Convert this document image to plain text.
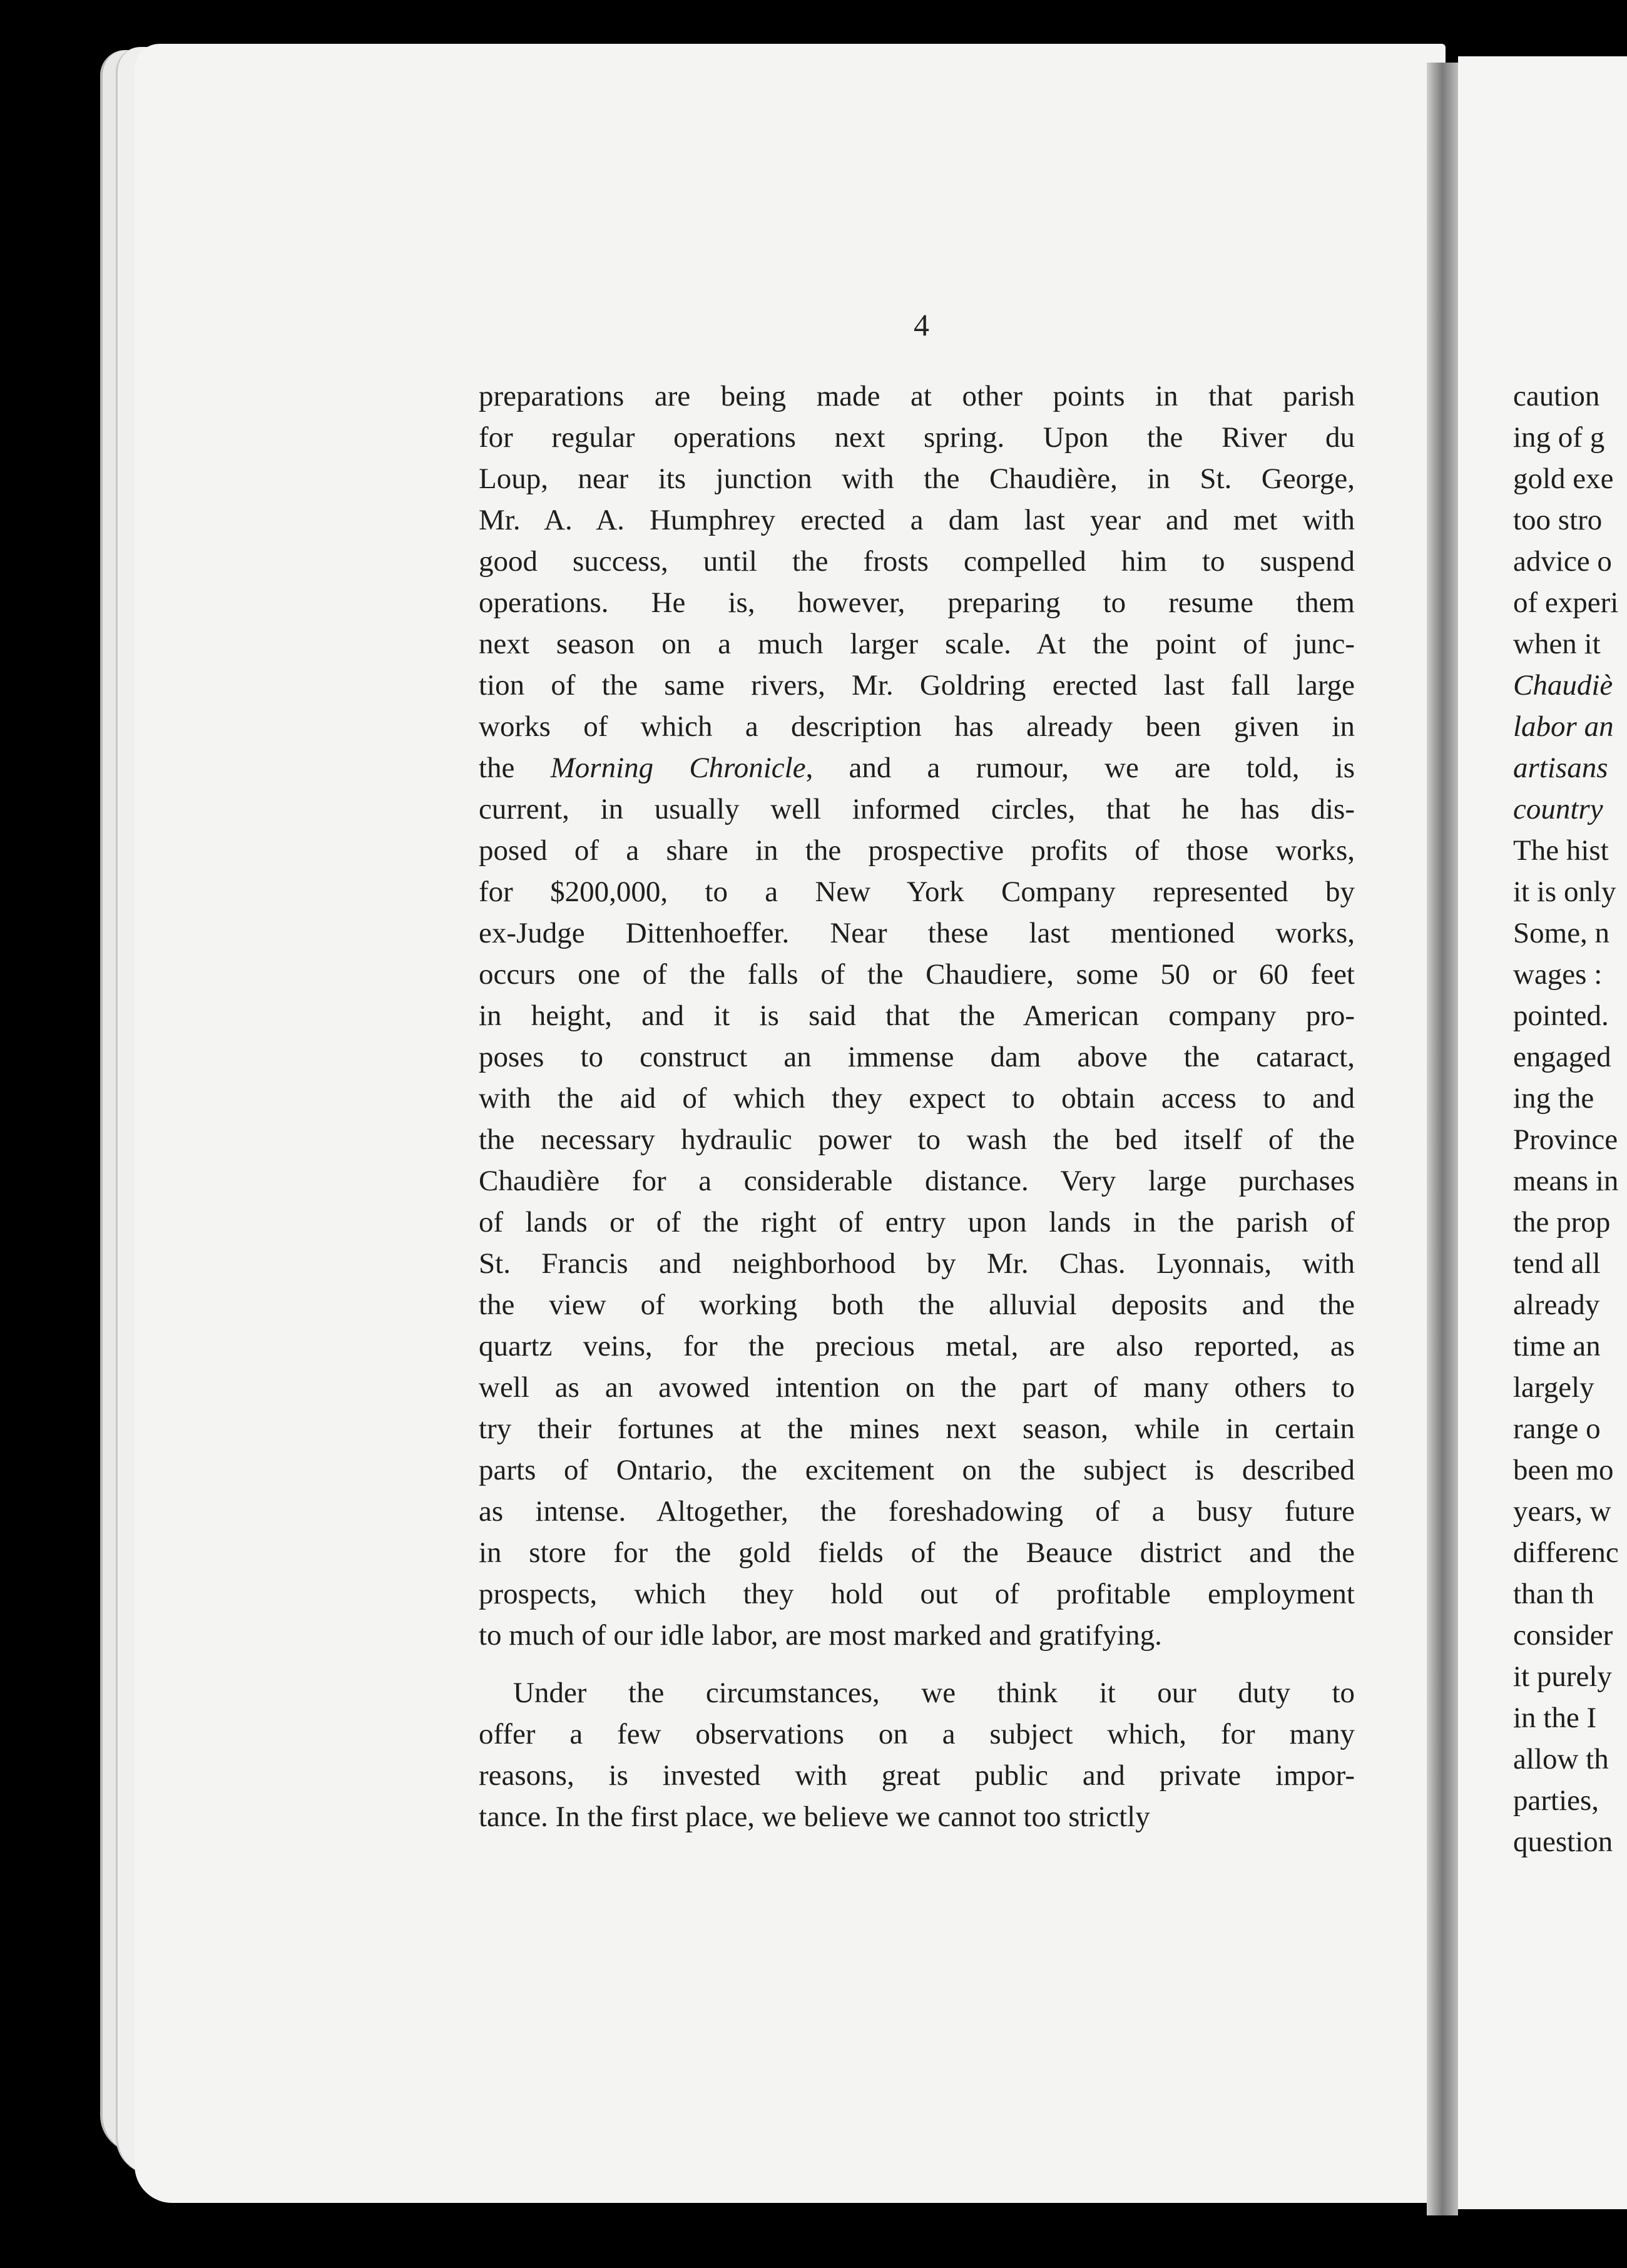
4
preparations are being made at other points in that parish
for regular operations next spring. Upon the River du
Loup, near its junction with the Chaudière, in St. George,
Mr. A. A. Humphrey erected a dam last year and met with
good success, until the frosts compelled him to suspend
operations. He is, however, preparing to resume them
next season on a much larger scale. At the point of junc-
tion of the same rivers, Mr. Goldring erected last fall large
works of which a description has already been given in
the Morning Chronicle, and a rumour, we are told, is
current, in usually well informed circles, that he has dis-
posed of a share in the prospective profits of those works,
for $200,000, to a New York Company represented by
ex-Judge Dittenhoeffer. Near these last mentioned works,
occurs one of the falls of the Chaudiere, some 50 or 60 feet
in height, and it is said that the American company pro-
poses to construct an immense dam above the cataract,
with the aid of which they expect to obtain access to and
the necessary hydraulic power to wash the bed itself of the
Chaudière for a considerable distance. Very large purchases
of lands or of the right of entry upon lands in the parish of
St. Francis and neighborhood by Mr. Chas. Lyonnais, with
the view of working both the alluvial deposits and the
quartz veins, for the precious metal, are also reported, as
well as an avowed intention on the part of many others to
try their fortunes at the mines next season, while in certain
parts of Ontario, the excitement on the subject is described
as intense. Altogether, the foreshadowing of a busy future
in store for the gold fields of the Beauce district and the
prospects, which they hold out of profitable employment
to much of our idle labor, are most marked and gratifying.
Under the circumstances, we think it our duty to
offer a few observations on a subject which, for many
reasons, is invested with great public and private impor-
tance. In the first place, we believe we cannot too strictly
caution
ing of g
gold exe
too stro
advice o
of experi
when it
Chaudiè
labor an
artisans
country
The hist
it is only
Some, n
wages :
pointed.
engaged
ing the
Province
means in
the prop
tend all
already
time an
largely
range o
been mo
years, w
differenc
than th
consider
it purely
in the I
allow th
parties,
question
